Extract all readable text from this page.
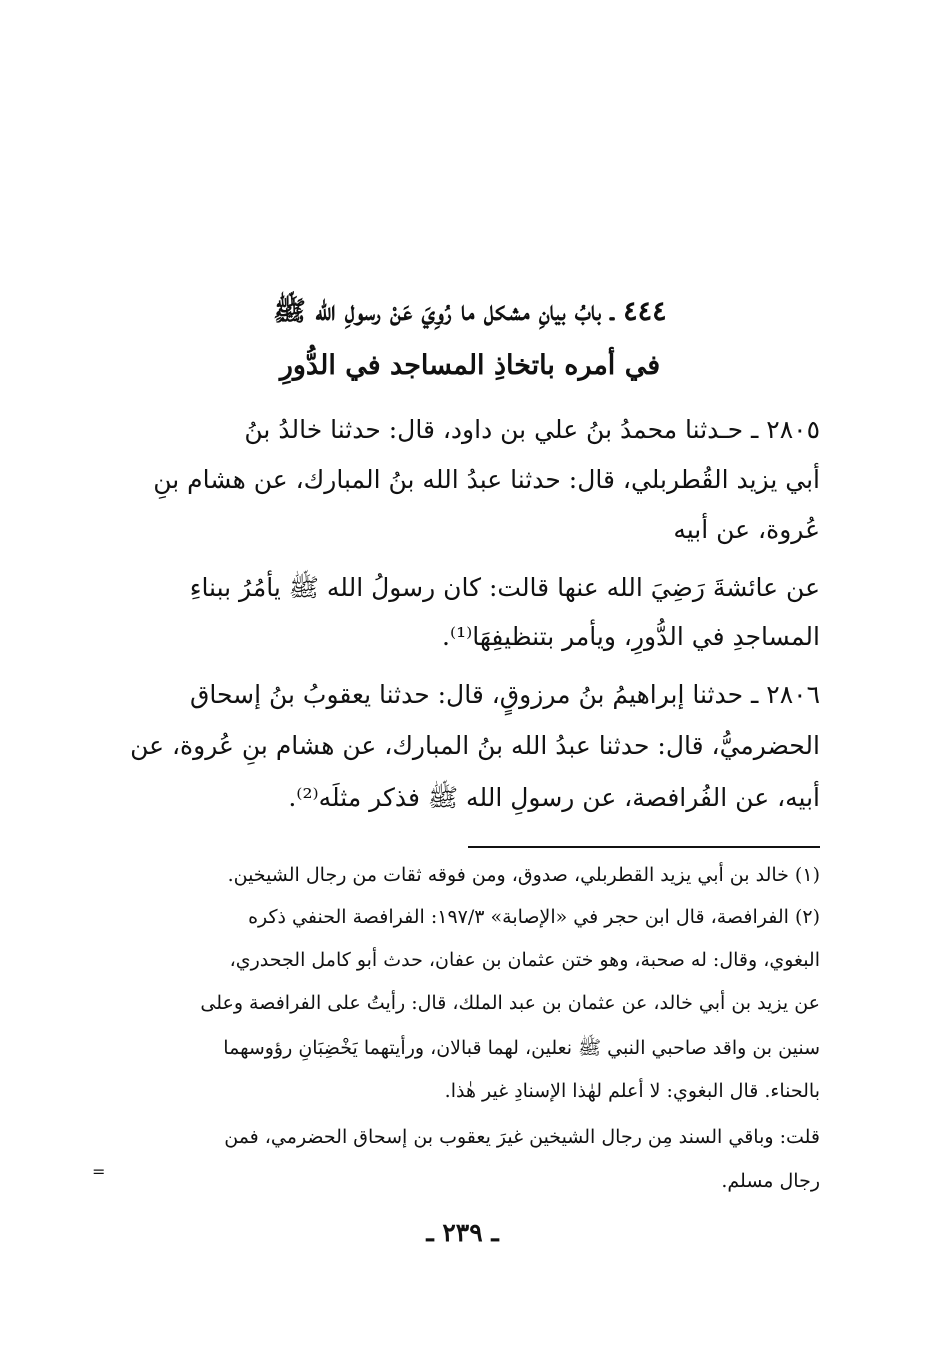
٤٤٤ ـ بابُ بيانِ مشكل ما رُوِيَ عَنْ رسولِ الله ﷺ
في أمره باتخاذِ المساجد في الدُّورِ
٢٨٠٥ ـ حـدثنا محمدُ بنُ علي بن داود، قال: حدثنا خالدُ بنُ
أبي يزيد القُطربلي، قال: حدثنا عبدُ الله بنُ المبارك، عن هشام بنِ
عُروة، عن أبيه
عن عائشةَ رَضِيَ الله عنها قالت: كان رسولُ الله ﷺ يأمُرُ ببناءِ
المساجدِ في الدُّورِ، ويأمر بتنظيفِهَا⁽¹⁾.
٢٨٠٦ ـ حدثنا إبراهيمُ بنُ مرزوقٍ، قال: حدثنا يعقوبُ بنُ إسحاق
الحضرميُّ، قال: حدثنا عبدُ الله بنُ المبارك، عن هشام بنِ عُروة، عن
أبيه، عن الفُرافصة، عن رسولِ الله ﷺ فذكر مثلَه⁽²⁾.
(١) خالد بن أبي يزيد القطربلي، صدوق، ومن فوقه ثقات من رجال الشيخين.
(٢) الفرافصة، قال ابن حجر في «الإصابة» ١٩٧/٣: الفرافصة الحنفي ذكره
البغوي، وقال: له صحبة، وهو ختن عثمان بن عفان، حدث أبو كامل الجحدري،
عن يزيد بن أبي خالد، عن عثمان بن عبد الملك، قال: رأيتُ على الفرافصة وعلى
سنين بن واقد صاحبي النبي ﷺ نعلين، لهما قبالان، ورأيتهما يَخْضِبَانِ رؤوسهما
بالحناء. قال البغوي: لا أعلم لهٰذا الإسنادِ غير هٰذا.
قلت: وباقي السند مِن رجال الشيخين غيرَ يعقوب بن إسحاق الحضرمي، فمن
رجال مسلم.
=
ـ ٢٣٩ ـ
